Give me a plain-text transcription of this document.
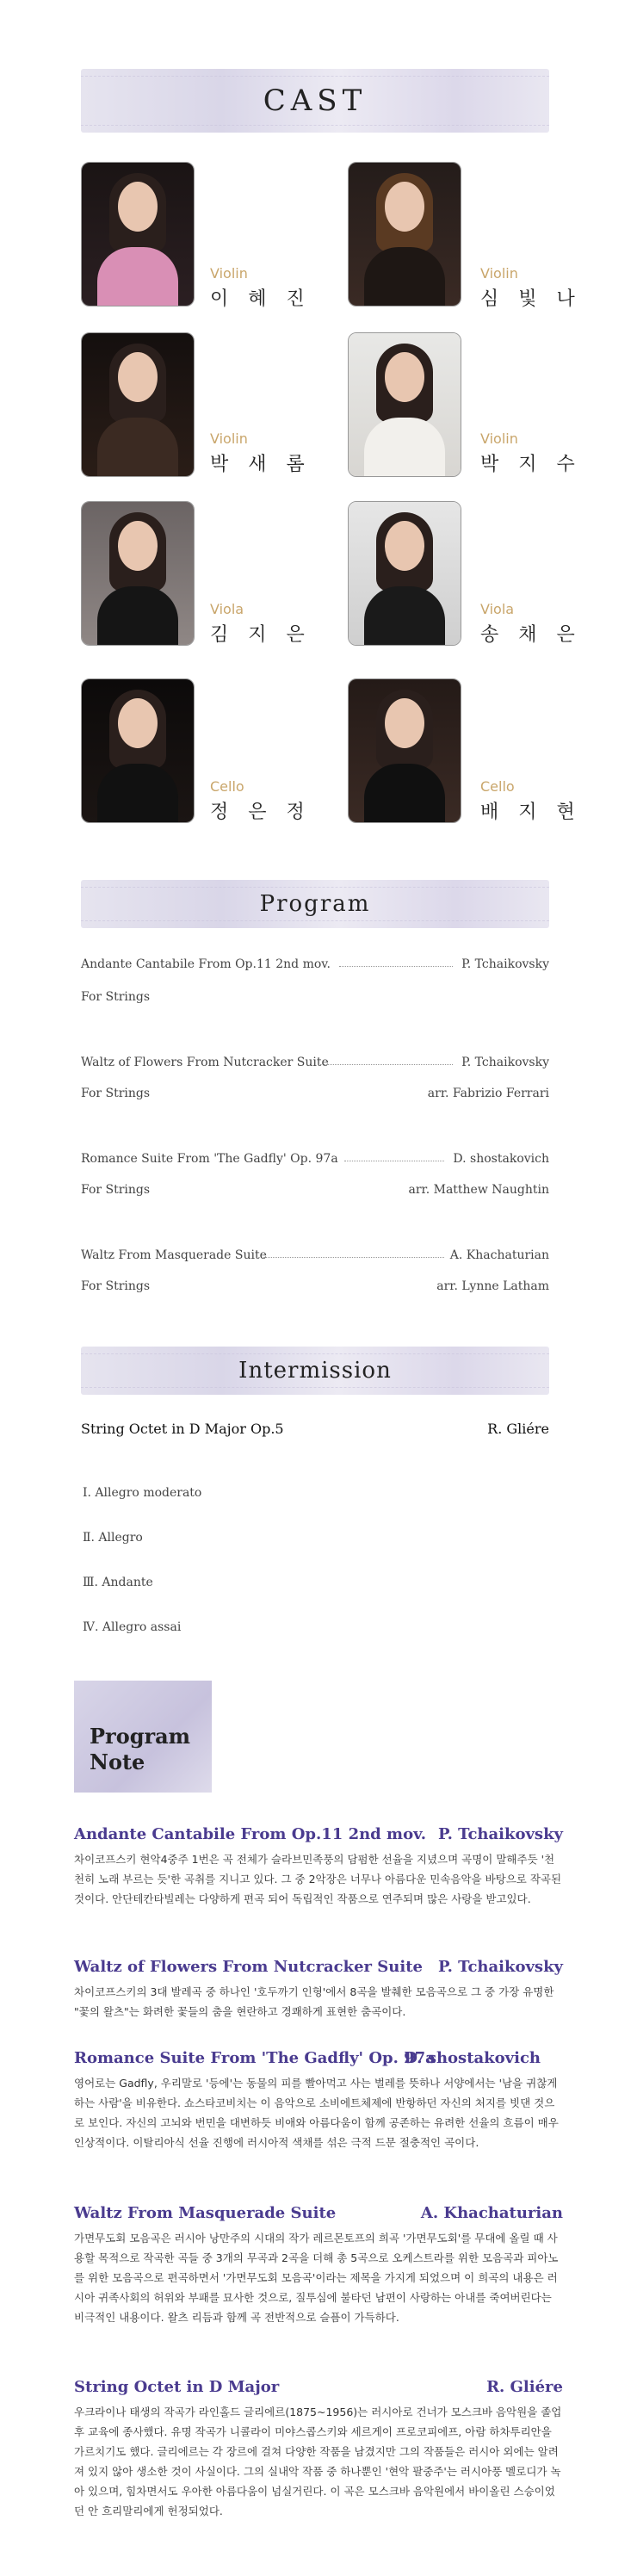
CAST
Violin
이 혜 진
Violin
심 빛 나
Violin
박 새 롬
Violin
박 지 수
Viola
김 지 은
Viola
송 채 은
Cello
정 은 정
Cello
배 지 현
Program
Andante Cantabile From Op.11 2nd mov.	P. Tchaikovsky
For Strings
Waltz of Flowers From Nutcracker Suite	P. Tchaikovsky
For Strings	arr. Fabrizio Ferrari
Romance Suite From 'The Gadfly' Op. 97a	D. shostakovich
For Strings	arr. Matthew Naughtin
Waltz From Masquerade Suite	A. Khachaturian
For Strings	arr. Lynne Latham
Intermission
String Octet in D Major Op.5	R. Gliére
Ⅰ. Allegro moderato
Ⅱ. Allegro
Ⅲ. Andante
Ⅳ. Allegro assai
Program
Note
Andante Cantabile From Op.11 2nd mov. P. Tchaikovsky
차이코프스키 현악4중주 1번은 곡 전체가 슬라브민족풍의 담펌한 선율을 지녔으며 곡명이 말해주듯 '천천히 노래 부르는 듯'한 곡취를 지니고 있다. 그 중 2악장은 너무나 아름다운 민속음악을 바탕으로 작곡된 것이다. 안단테칸타빌레는 다양하게 편곡 되어 독립적인 작품으로 연주되며 많은 사랑을 받고있다.
Waltz of Flowers From Nutcracker Suite P. Tchaikovsky
차이코프스키의 3대 발레곡 중 하나인 '호두까기 인형'에서 8곡을 발췌한 모음곡으로 그 중 가장 유명한 "꽃의 왈츠"는 화려한 꽃들의 춤을 현란하고 경쾌하게 표현한 춤곡이다.
Romance Suite From 'The Gadfly' Op. 97a
D. shostakovich
영어로는 Gadfly, 우리말로 '등에'는 동물의 피를 빨아먹고 사는 벌레를 뜻하나 서양에서는 '남을 귀찮게 하는 사람'을 비유한다. 쇼스타코비치는 이 음악으로 소비에트체제에 반항하던 자신의 처지를 빗댄 것으로 보인다. 자신의 고뇌와 번민을 대변하듯 비애와 아름다움이 함께 공존하는 유려한 선율의 흐름이 매우 인상적이다. 이탈리아식 선율 진행에 러시아적 색채를 섞은 극적 드문 절충적인 곡이다.
Waltz From Masquerade Suite	A. Khachaturian
가면무도회 모음곡은 러시아 낭만주의 시대의 작가 레르몬토프의 희곡 '가면무도회'를 무대에 올릴 때 사용할 목적으로 작곡한 곡들 중 3개의 무곡과 2곡을 더해 총 5곡으로 오케스트라를 위한 모음곡과 피아노를 위한 모음곡으로 편곡하면서 '가면무도회 모음곡'이라는 제목을 가지게 되었으며 이 희곡의 내용은 러시아 귀족사회의 허위와 부패를 묘사한 것으로, 질투심에 불타던 남편이 사랑하는 아내를 죽여버린다는 비극적인 내용이다. 왈츠 리듬과 함께 곡 전반적으로 슬픔이 가득하다.
String Octet in D Major	R. Gliére
우크라이나 태생의 작곡가 라인홀드 글리에르(1875~1956)는 러시아로 건너가 모스크바 음악원을 졸업후 교육에 종사했다. 유명 작곡가 니콜라이 미야스콥스키와 세르게이 프로코피에프, 아람 하차투리안을 가르치기도 했다. 글리에르는 각 장르에 걸쳐 다양한 작품을 남겼지만 그의 작품들은 러시아 외에는 알려져 있지 않아 생소한 것이 사실이다. 그의 실내악 작품 중 하나뿐인 '현악 팔중주'는 러시아풍 멜로디가 녹아 있으며, 힘차면서도 우아한 아름다움이 넘실거린다. 이 곡은 모스크바 음악원에서 바이올린 스승이었던 안 흐리말리에게 헌정되었다.
